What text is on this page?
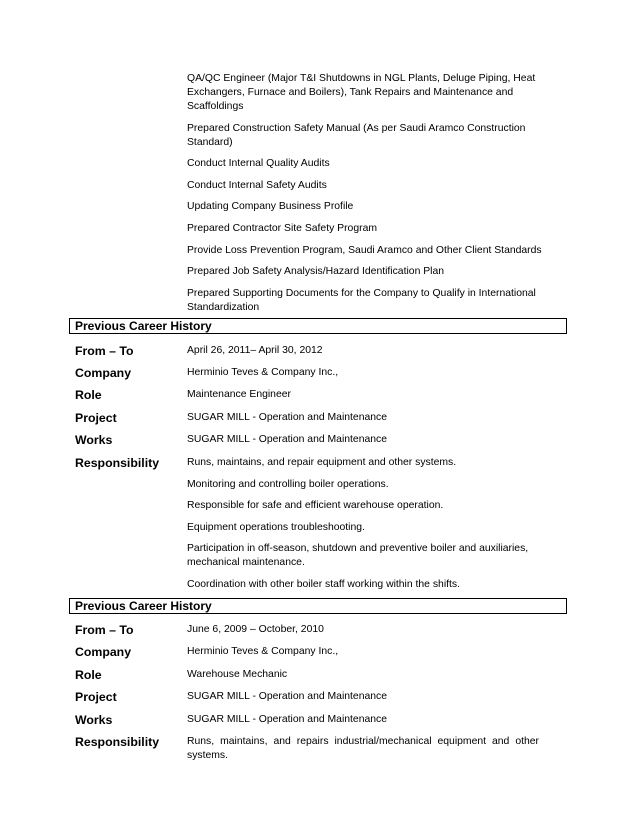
QA/QC Engineer (Major T&I Shutdowns in NGL Plants, Deluge Piping, Heat Exchangers, Furnace and Boilers), Tank Repairs and Maintenance and Scaffoldings
Prepared Construction Safety Manual (As per Saudi Aramco Construction Standard)
Conduct Internal Quality Audits
Conduct Internal Safety Audits
Updating Company Business Profile
Prepared Contractor Site Safety Program
Provide Loss Prevention Program, Saudi Aramco and Other Client Standards
Prepared Job Safety Analysis/Hazard Identification Plan
Prepared Supporting Documents for the Company to Qualify in International Standardization
Previous Career History
From – To	April 26, 2011– April 30, 2012
Company	Herminio Teves & Company Inc.,
Role	Maintenance Engineer
Project	SUGAR MILL - Operation and Maintenance
Works	SUGAR MILL - Operation and Maintenance
Responsibility	Runs, maintains, and repair equipment and other systems.
Monitoring and controlling boiler operations.
Responsible for safe and efficient warehouse operation.
Equipment operations troubleshooting.
Participation in off-season, shutdown and preventive boiler and auxiliaries, mechanical maintenance.
Coordination with other boiler staff working within the shifts.
Previous Career History
From – To	June 6, 2009 – October, 2010
Company	Herminio Teves & Company Inc.,
Role	Warehouse Mechanic
Project	SUGAR MILL - Operation and Maintenance
Works	SUGAR MILL - Operation and Maintenance
Responsibility	Runs, maintains, and repairs industrial/mechanical equipment and other systems.
